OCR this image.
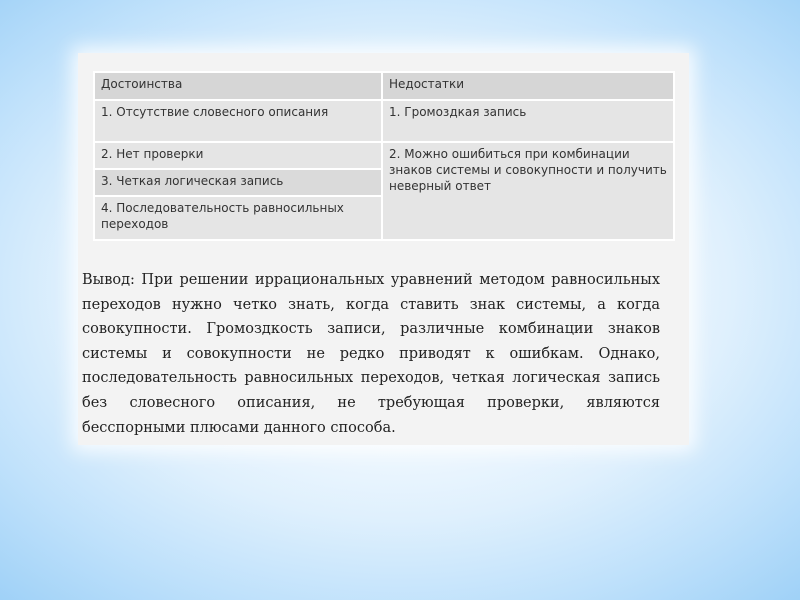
Достоинства	Недостатки
1. Отсутствие словесного описания	1. Громоздкая запись
2. Нет проверки	2. Можно ошибиться при комбинации знаков системы и совокупности и получить неверный ответ
3. Четкая логическая запись	
4. Последовательность равносильных переходов	

Вывод: При решении иррациональных уравнений методом равносильных переходов нужно четко знать, когда ставить знак системы, а когда совокупности. Громоздкость записи, различные комбинации знаков системы и совокупности не редко приводят к ошибкам. Однако, последовательность равносильных переходов, четкая логическая запись без словесного описания, не требующая проверки, являются бесспорными плюсами данного способа.
